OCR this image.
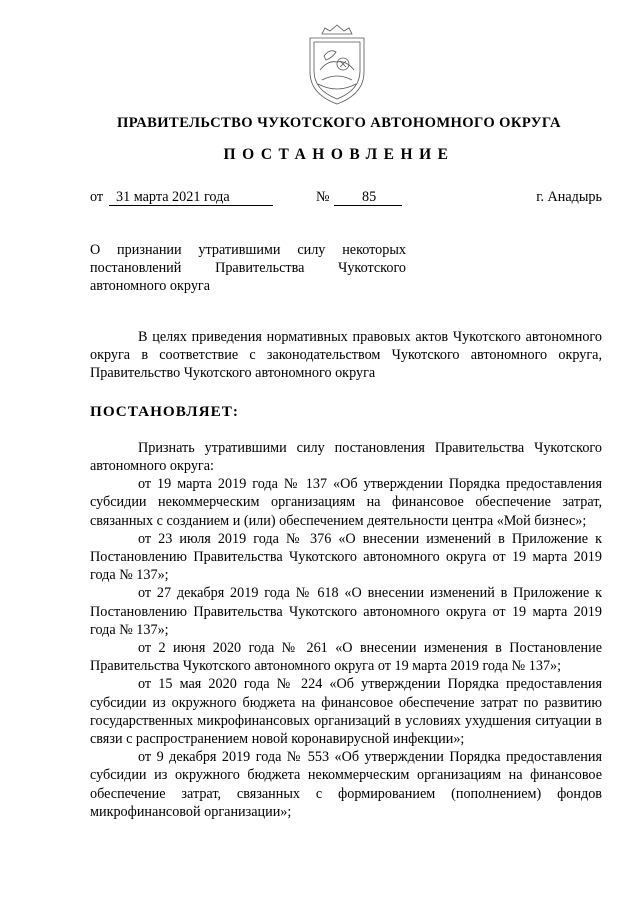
ПРАВИТЕЛЬСТВО ЧУКОТСКОГО АВТОНОМНОГО ОКРУГА
ПОСТАНОВЛЕНИЕ
от 31 марта 2021 года	№	85	г. Анадырь
О признании утратившими силу некоторых постановлений Правительства Чукотского автономного округа

В целях приведения нормативных правовых актов Чукотского автономного округа в соответствие с законодательством Чукотского автономного округа, Правительство Чукотского автономного округа

ПОСТАНОВЛЯЕТ:

Признать утратившими силу постановления Правительства Чукотского автономного округа:

от 19 марта 2019 года № 137 «Об утверждении Порядка предоставления субсидии некоммерческим организациям на финансовое обеспечение затрат, связанных с созданием и (или) обеспечением деятельности центра «Мой бизнес»;

от 23 июля 2019 года № 376 «О внесении изменений в Приложение к Постановлению Правительства Чукотского автономного округа от 19 марта 2019 года № 137»;

от 27 декабря 2019 года № 618 «О внесении изменений в Приложение к Постановлению Правительства Чукотского автономного округа от 19 марта 2019 года № 137»;

от 2 июня 2020 года № 261 «О внесении изменения в Постановление Правительства Чукотского автономного округа от 19 марта 2019 года № 137»;

от 15 мая 2020 года № 224 «Об утверждении Порядка предоставления субсидии из окружного бюджета на финансовое обеспечение затрат по развитию государственных микрофинансовых организаций в условиях ухудшения ситуации в связи с распространением новой коронавирусной инфекции»;

от 9 декабря 2019 года № 553 «Об утверждении Порядка предоставления субсидии из окружного бюджета некоммерческим организациям на финансовое обеспечение затрат, связанных с формированием (пополнением) фондов микрофинансовой организации»;
